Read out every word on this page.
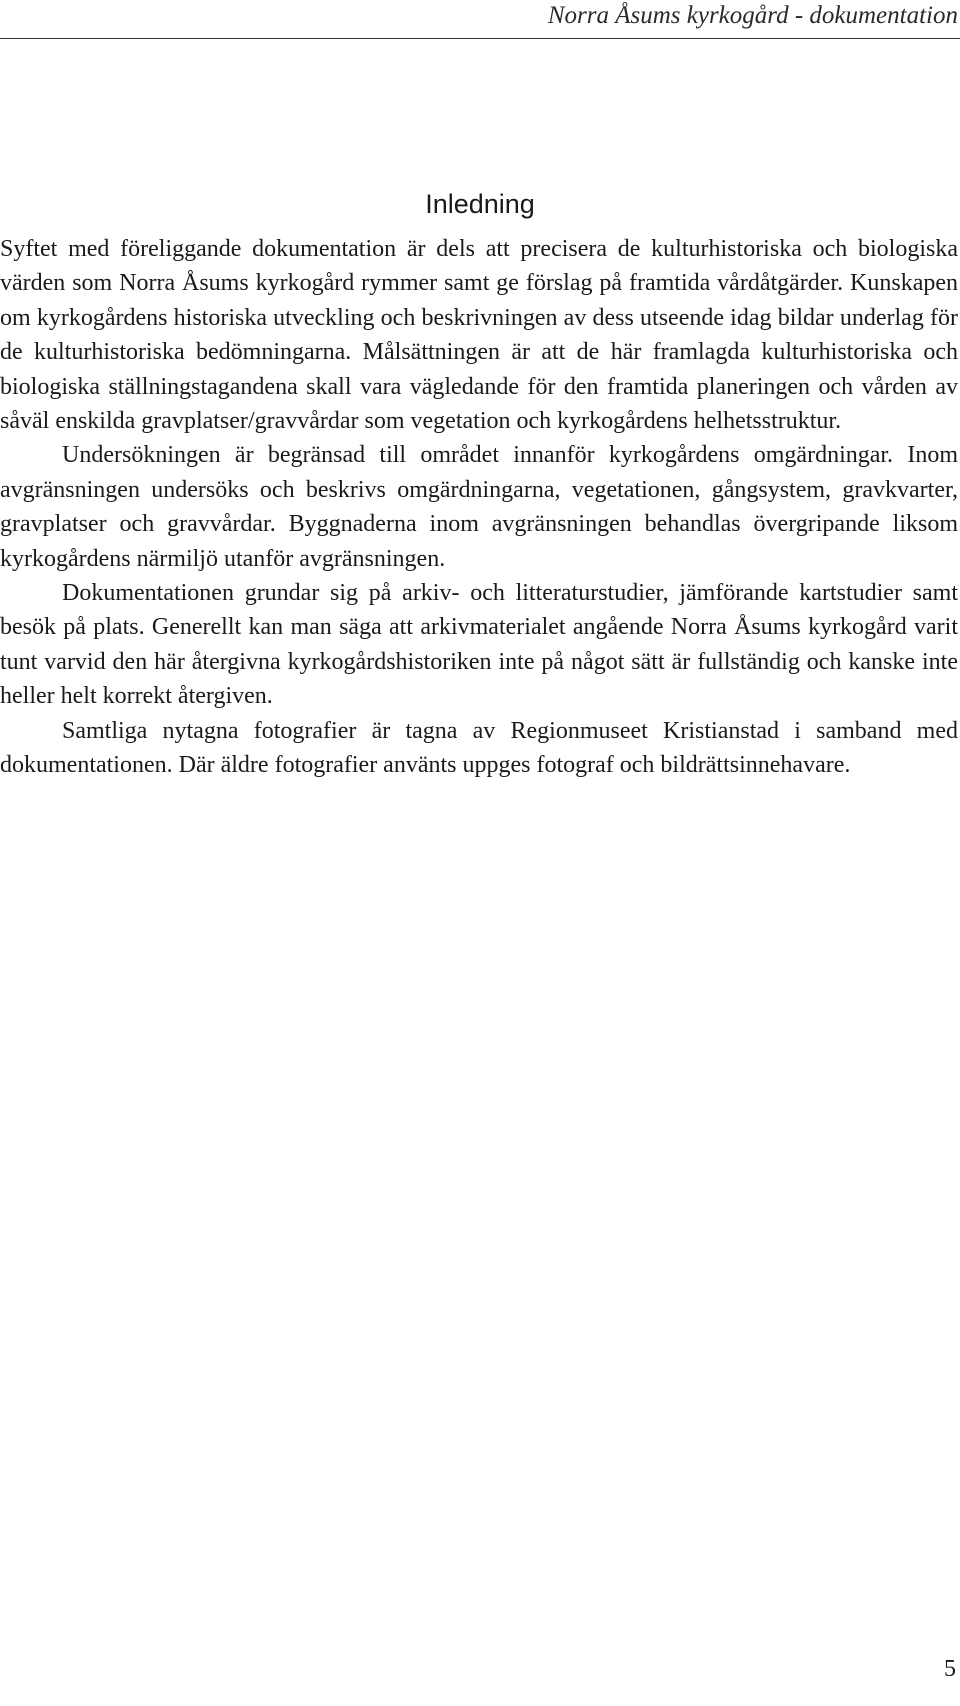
Norra Åsums kyrkogård - dokumentation
Inledning

Syftet med föreliggande dokumentation är dels att precisera de kulturhistoriska och biologiska värden som Norra Åsums kyrkogård rymmer samt ge förslag på framtida vårdåtgärder. Kunskapen om kyrkogårdens historiska utveckling och beskrivningen av dess utseende idag bildar underlag för de kulturhistoriska bedömningarna. Målsättningen är att de här framlagda kulturhistoriska och biologiska ställningstagandena skall vara vägledande för den framtida planeringen och vården av såväl enskilda gravplatser/gravvårdar som vegetation och kyrkogårdens helhetsstruktur.

Undersökningen är begränsad till området innanför kyrkogårdens omgärdningar. Inom avgränsningen undersöks och beskrivs omgärdningarna, vegetationen, gångsystem, gravkvarter, gravplatser och gravvårdar. Byggnaderna inom avgränsningen behandlas övergripande liksom kyrkogårdens närmiljö utanför avgränsningen.

Dokumentationen grundar sig på arkiv- och litteraturstudier, jämförande kartstudier samt besök på plats. Generellt kan man säga att arkivmaterialet angående Norra Åsums kyrkogård varit tunt varvid den här återgivna kyrkogårdshistoriken inte på något sätt är fullständig och kanske inte heller helt korrekt återgiven.

Samtliga nytagna fotografier är tagna av Regionmuseet Kristianstad i samband med dokumentationen. Där äldre fotografier använts uppges fotograf och bildrättsinnehavare.

5
